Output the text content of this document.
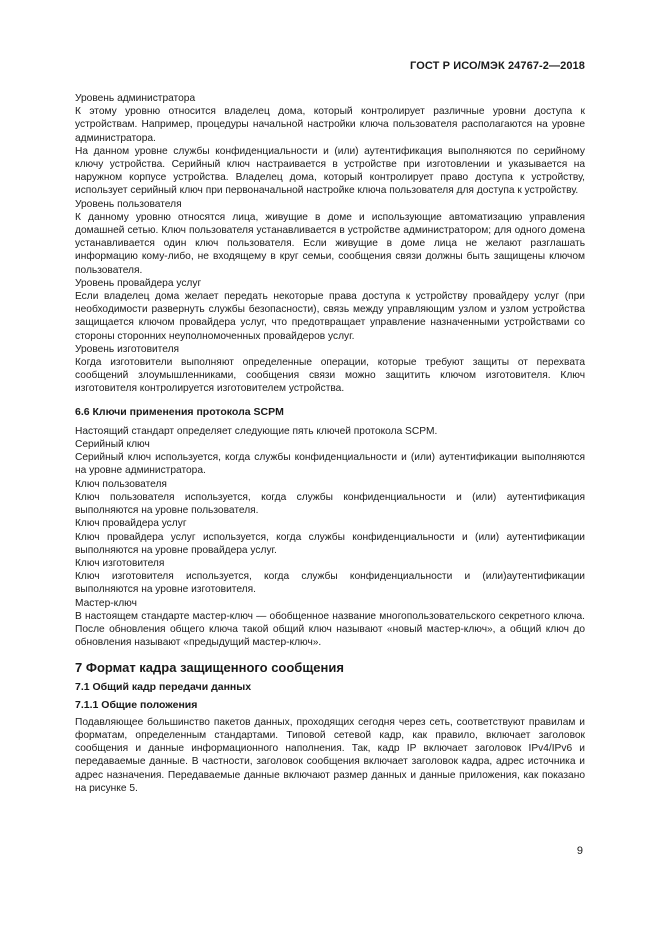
ГОСТ Р ИСО/МЭК 24767-2—2018

Уровень администратора

К этому уровню относится владелец дома, который контролирует различные уровни доступа к устройствам. Например, процедуры начальной настройки ключа пользователя располагаются на уровне администратора.

На данном уровне службы конфиденциальности и (или) аутентификация выполняются по серийному ключу устройства. Серийный ключ настраивается в устройстве при изготовлении и указывается на наружном корпусе устройства. Владелец дома, который контролирует право доступа к устройству, использует серийный ключ при первоначальной настройке ключа пользователя для доступа к устройству.

Уровень пользователя

К данному уровню относятся лица, живущие в доме и использующие автоматизацию управления домашней сетью. Ключ пользователя устанавливается в устройстве администратором; для одного домена устанавливается один ключ пользователя. Если живущие в доме лица не желают разглашать информацию кому-либо, не входящему в круг семьи, сообщения связи должны быть защищены ключом пользователя.

Уровень провайдера услуг

Если владелец дома желает передать некоторые права доступа к устройству провайдеру услуг (при необходимости развернуть службы безопасности), связь между управляющим узлом и узлом устройства защищается ключом провайдера услуг, что предотвращает управление назначенными устройствами со стороны сторонних неуполномоченных провайдеров услуг.

Уровень изготовителя

Когда изготовители выполняют определенные операции, которые требуют защиты от перехвата сообщений злоумышленниками, сообщения связи можно защитить ключом изготовителя. Ключ изготовителя контролируется изготовителем устройства.

6.6 Ключи применения протокола SCPM

Настоящий стандарт определяет следующие пять ключей протокола SCPM.

Серийный ключ

Серийный ключ используется, когда службы конфиденциальности и (или) аутентификации выполняются на уровне администратора.

Ключ пользователя

Ключ пользователя используется, когда службы конфиденциальности и (или) аутентификация выполняются на уровне пользователя.

Ключ провайдера услуг

Ключ провайдера услуг используется, когда службы конфиденциальности и (или) аутентификации выполняются на уровне провайдера услуг.

Ключ изготовителя

Ключ изготовителя используется, когда службы конфиденциальности и (или)аутентификации выполняются на уровне изготовителя.

Мастер-ключ

В настоящем стандарте мастер-ключ — обобщенное название многопользовательского секретного ключа. После обновления общего ключа такой общий ключ называют «новый мастер-ключ», а общий ключ до обновления называют «предыдущий мастер-ключ».

7 Формат кадра защищенного сообщения

7.1 Общий кадр передачи данных

7.1.1 Общие положения

Подавляющее большинство пакетов данных, проходящих сегодня через сеть, соответствуют правилам и форматам, определенным стандартами. Типовой сетевой кадр, как правило, включает заголовок сообщения и данные информационного наполнения. Так, кадр IP включает заголовок IPv4/IPv6 и передаваемые данные. В частности, заголовок сообщения включает заголовок кадра, адрес источника и адрес назначения. Передаваемые данные включают размер данных и данные приложения, как показано на рисунке 5.

9
